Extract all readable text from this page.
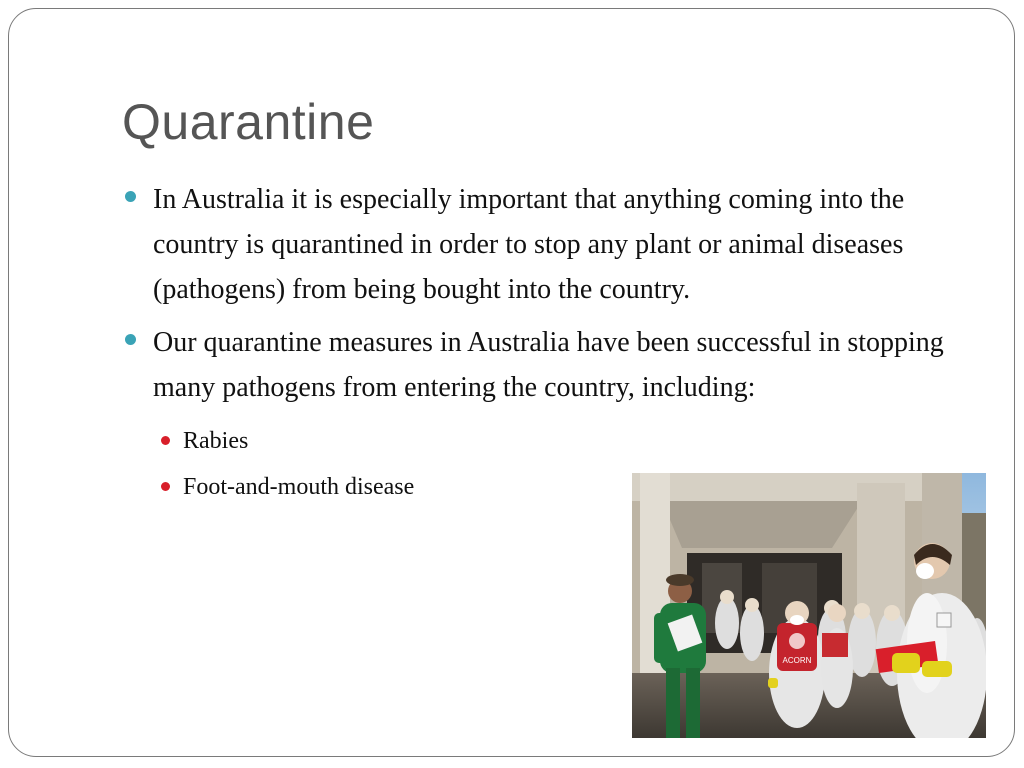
Quarantine
In Australia it is especially important that anything coming into the country is quarantined in order to stop any plant or animal diseases (pathogens) from being bought into the country.
Our quarantine measures in Australia have been successful in stopping many pathogens from entering the country, including:
Rabies
Foot-and-mouth disease
ACORN
